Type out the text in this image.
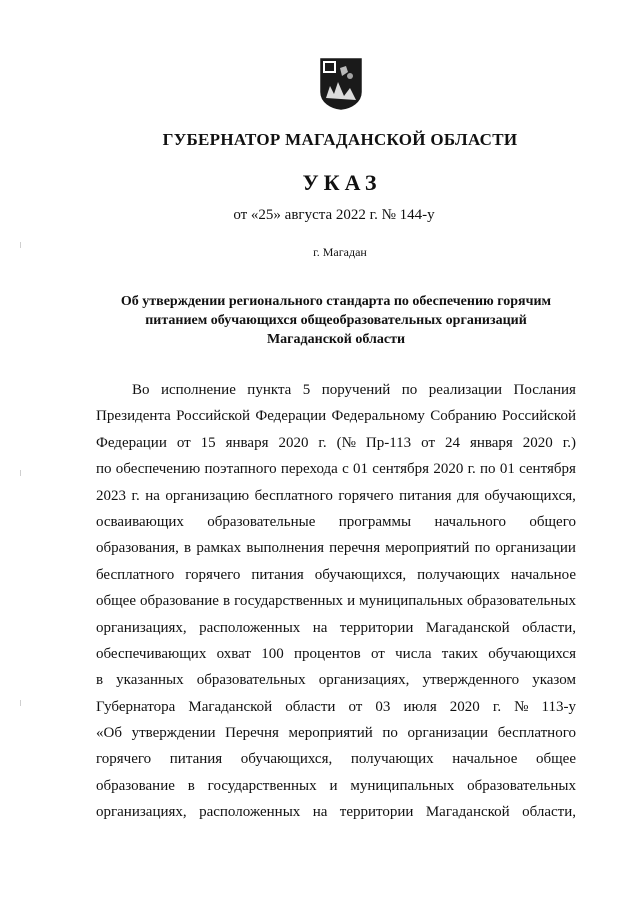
ГУБЕРНАТОР МАГАДАНСКОЙ ОБЛАСТИ
УКАЗ
от «25» августа 2022 г. № 144-у
г. Магадан
Об утверждении регионального стандарта по обеспечению горячим
питанием обучающихся общеобразовательных организаций
Магаданской области
Во исполнение пункта 5 поручений по реализации Послания
Президента Российской Федерации Федеральному Собранию Российской
Федерации от 15 января 2020 г. (№ Пр-113 от 24 января 2020 г.)
по обеспечению поэтапного перехода с 01 сентября 2020 г. по 01 сентября
2023 г. на организацию бесплатного горячего питания для обучающихся,
осваивающих образовательные программы начального общего
образования, в рамках выполнения перечня мероприятий по организации
бесплатного горячего питания обучающихся, получающих начальное
общее образование в государственных и муниципальных образовательных
организациях, расположенных на территории Магаданской области,
обеспечивающих охват 100 процентов от числа таких обучающихся
в указанных образовательных организациях, утвержденного указом
Губернатора Магаданской области от 03 июля 2020 г. № 113-у
«Об утверждении Перечня мероприятий по организации бесплатного
горячего питания обучающихся, получающих начальное общее
образование в государственных и муниципальных образовательных
организациях, расположенных на территории Магаданской области,
